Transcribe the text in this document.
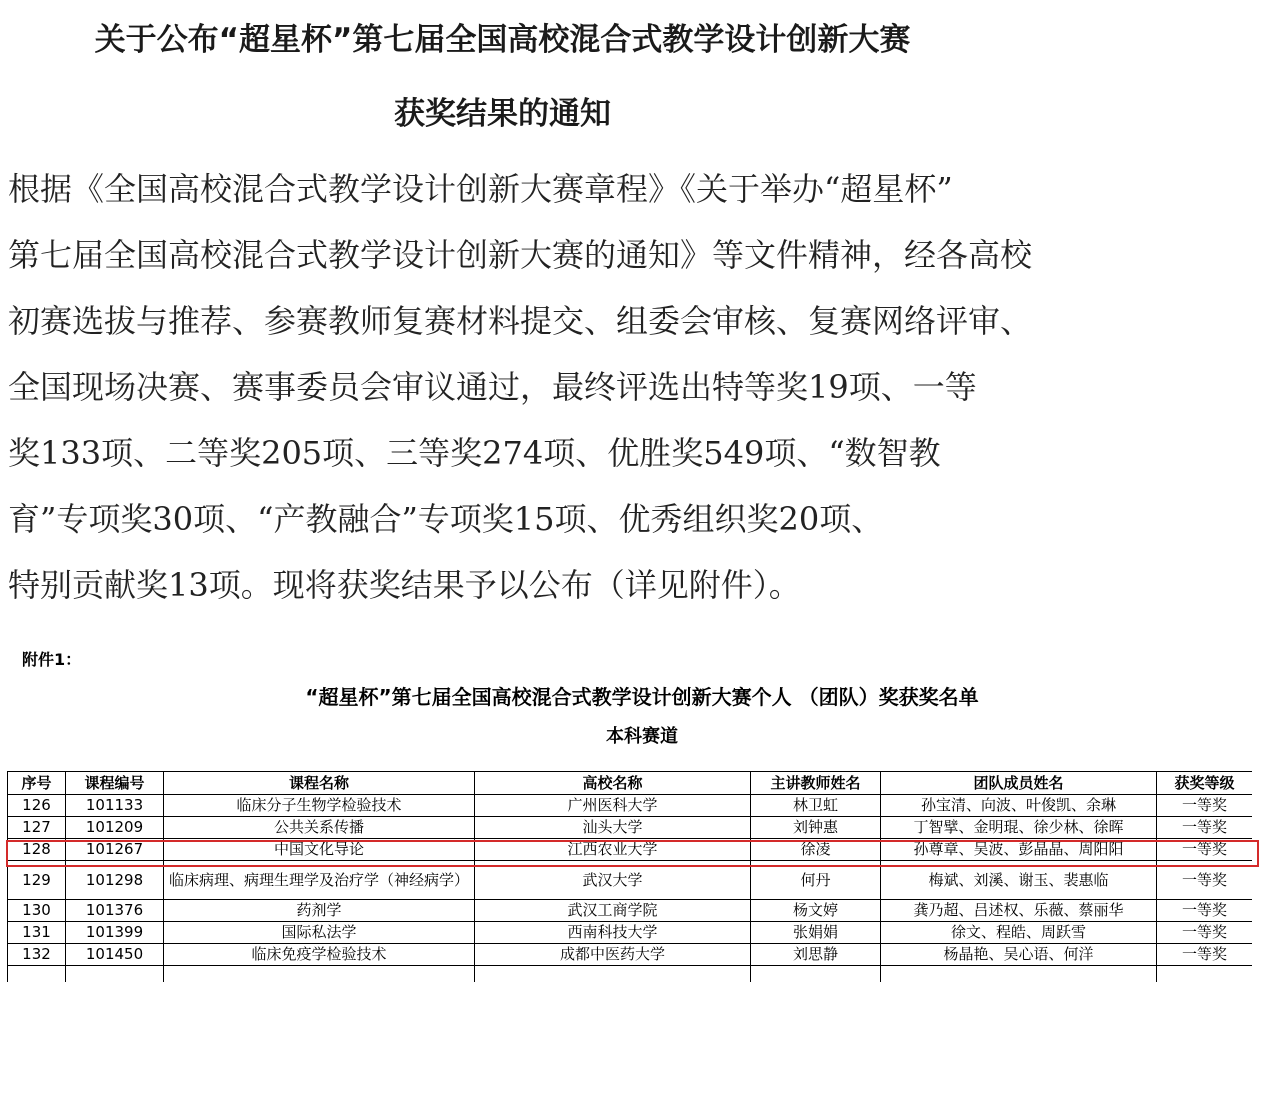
关于公布“超星杯”第七届全国高校混合式教学设计创新大赛
获奖结果的通知

根据《全国高校混合式教学设计创新大赛章程》《关于举办“超星杯”

第七届全国高校混合式教学设计创新大赛的通知》等文件精神，经各高校

初赛选拔与推荐、参赛教师复赛材料提交、组委会审核、复赛网络评审、

全国现场决赛、赛事委员会审议通过，最终评选出特等奖19项、一等

奖133项、二等奖205项、三等奖274项、优胜奖549项、“数智教

育”专项奖30项、“产教融合”专项奖15项、优秀组织奖20项、

特别贡献奖13项。现将获奖结果予以公布（详见附件）。

附件1：

“超星杯”第七届全国高校混合式教学设计创新大赛个人 （团队）奖获奖名单

本科赛道

序号	课程编号	课程名称	高校名称	主讲教师姓名	团队成员姓名	获奖等级
126	101133	临床分子生物学检验技术	广州医科大学	林卫虹	孙宝清、向波、叶俊凯、余琳	一等奖
127	101209	公共关系传播	汕头大学	刘钟惠	丁智擘、金明琨、徐少林、徐晖	一等奖
128	101267	中国文化导论	江西农业大学	徐凌	孙尊章、吴波、彭晶晶、周阳阳	一等奖
129	101298	临床病理、病理生理学及治疗学（神经病学）	武汉大学	何丹	梅斌、刘溪、谢玉、裴惠临	一等奖
130	101376	药剂学	武汉工商学院	杨文婷	龚乃超、吕述权、乐薇、蔡丽华	一等奖
131	101399	国际私法学	西南科技大学	张娟娟	徐文、程皓、周跃雪	一等奖
132	101450	临床免疫学检验技术	成都中医药大学	刘思静	杨晶艳、吴心语、何洋	一等奖
